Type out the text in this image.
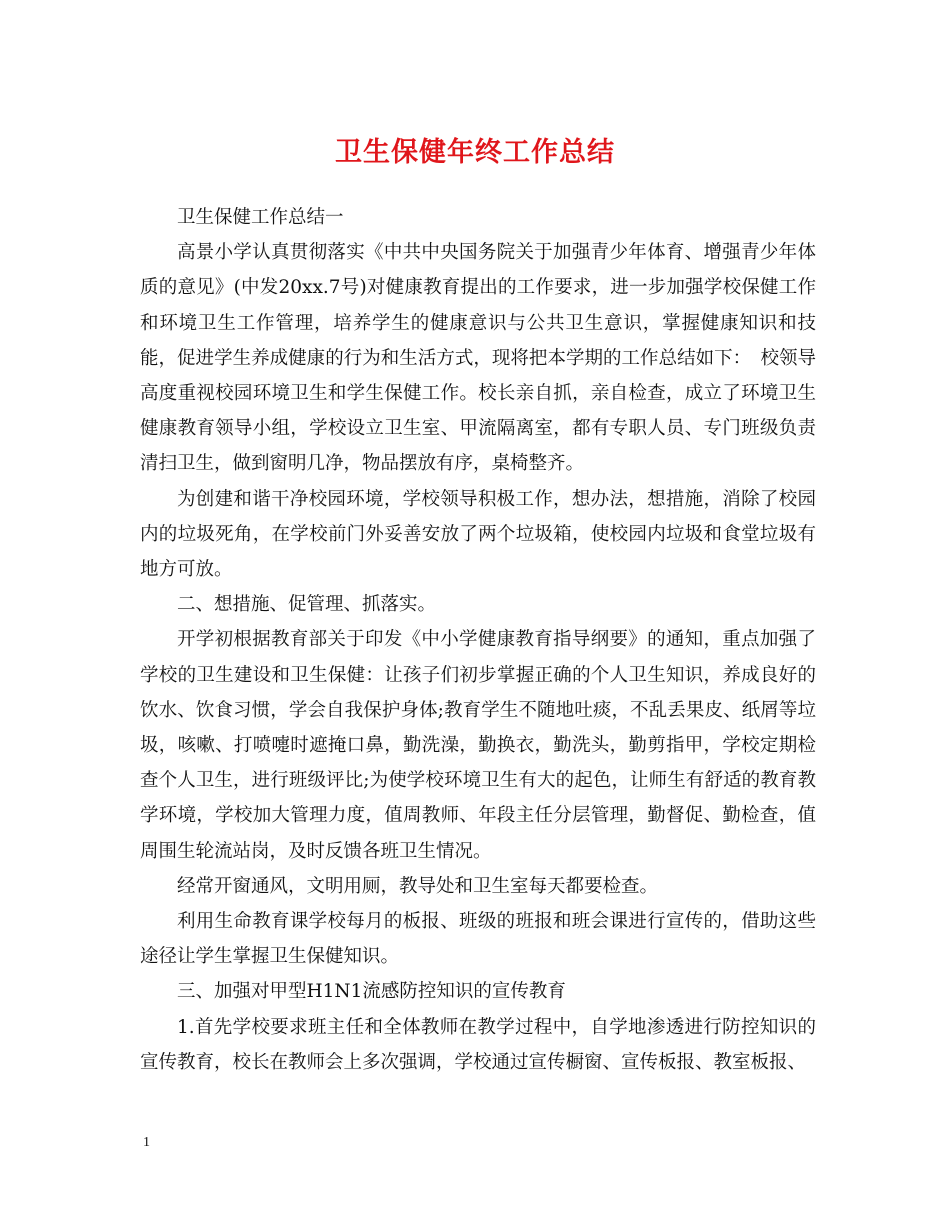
卫生保健年终工作总结

卫生保健工作总结一

高景小学认真贯彻落实《中共中央国务院关于加强青少年体育、增强青少年体质的意见》(中发20xx.7号)对健康教育提出的工作要求，进一步加强学校保健工作和环境卫生工作管理，培养学生的健康意识与公共卫生意识，掌握健康知识和技能，促进学生养成健康的行为和生活方式，现将把本学期的工作总结如下：　校领导高度重视校园环境卫生和学生保健工作。校长亲自抓，亲自检查，成立了环境卫生健康教育领导小组，学校设立卫生室、甲流隔离室，都有专职人员、专门班级负责清扫卫生，做到窗明几净，物品摆放有序，桌椅整齐。

为创建和谐干净校园环境，学校领导积极工作，想办法，想措施，消除了校园内的垃圾死角，在学校前门外妥善安放了两个垃圾箱，使校园内垃圾和食堂垃圾有地方可放。

二、想措施、促管理、抓落实。

开学初根据教育部关于印发《中小学健康教育指导纲要》的通知，重点加强了学校的卫生建设和卫生保健：让孩子们初步掌握正确的个人卫生知识，养成良好的饮水、饮食习惯，学会自我保护身体;教育学生不随地吐痰，不乱丢果皮、纸屑等垃圾，咳嗽、打喷嚏时遮掩口鼻，勤洗澡，勤换衣，勤洗头，勤剪指甲，学校定期检查个人卫生，进行班级评比;为使学校环境卫生有大的起色，让师生有舒适的教育教学环境，学校加大管理力度，值周教师、年段主任分层管理，勤督促、勤检查，值周围生轮流站岗，及时反馈各班卫生情况。

经常开窗通风，文明用厕，教导处和卫生室每天都要检查。

利用生命教育课学校每月的板报、班级的班报和班会课进行宣传的，借助这些途径让学生掌握卫生保健知识。

三、加强对甲型H1N1流感防控知识的宣传教育

1.首先学校要求班主任和全体教师在教学过程中，自学地渗透进行防控知识的宣传教育，校长在教师会上多次强调，学校通过宣传橱窗、宣传板报、教室板报、

1
